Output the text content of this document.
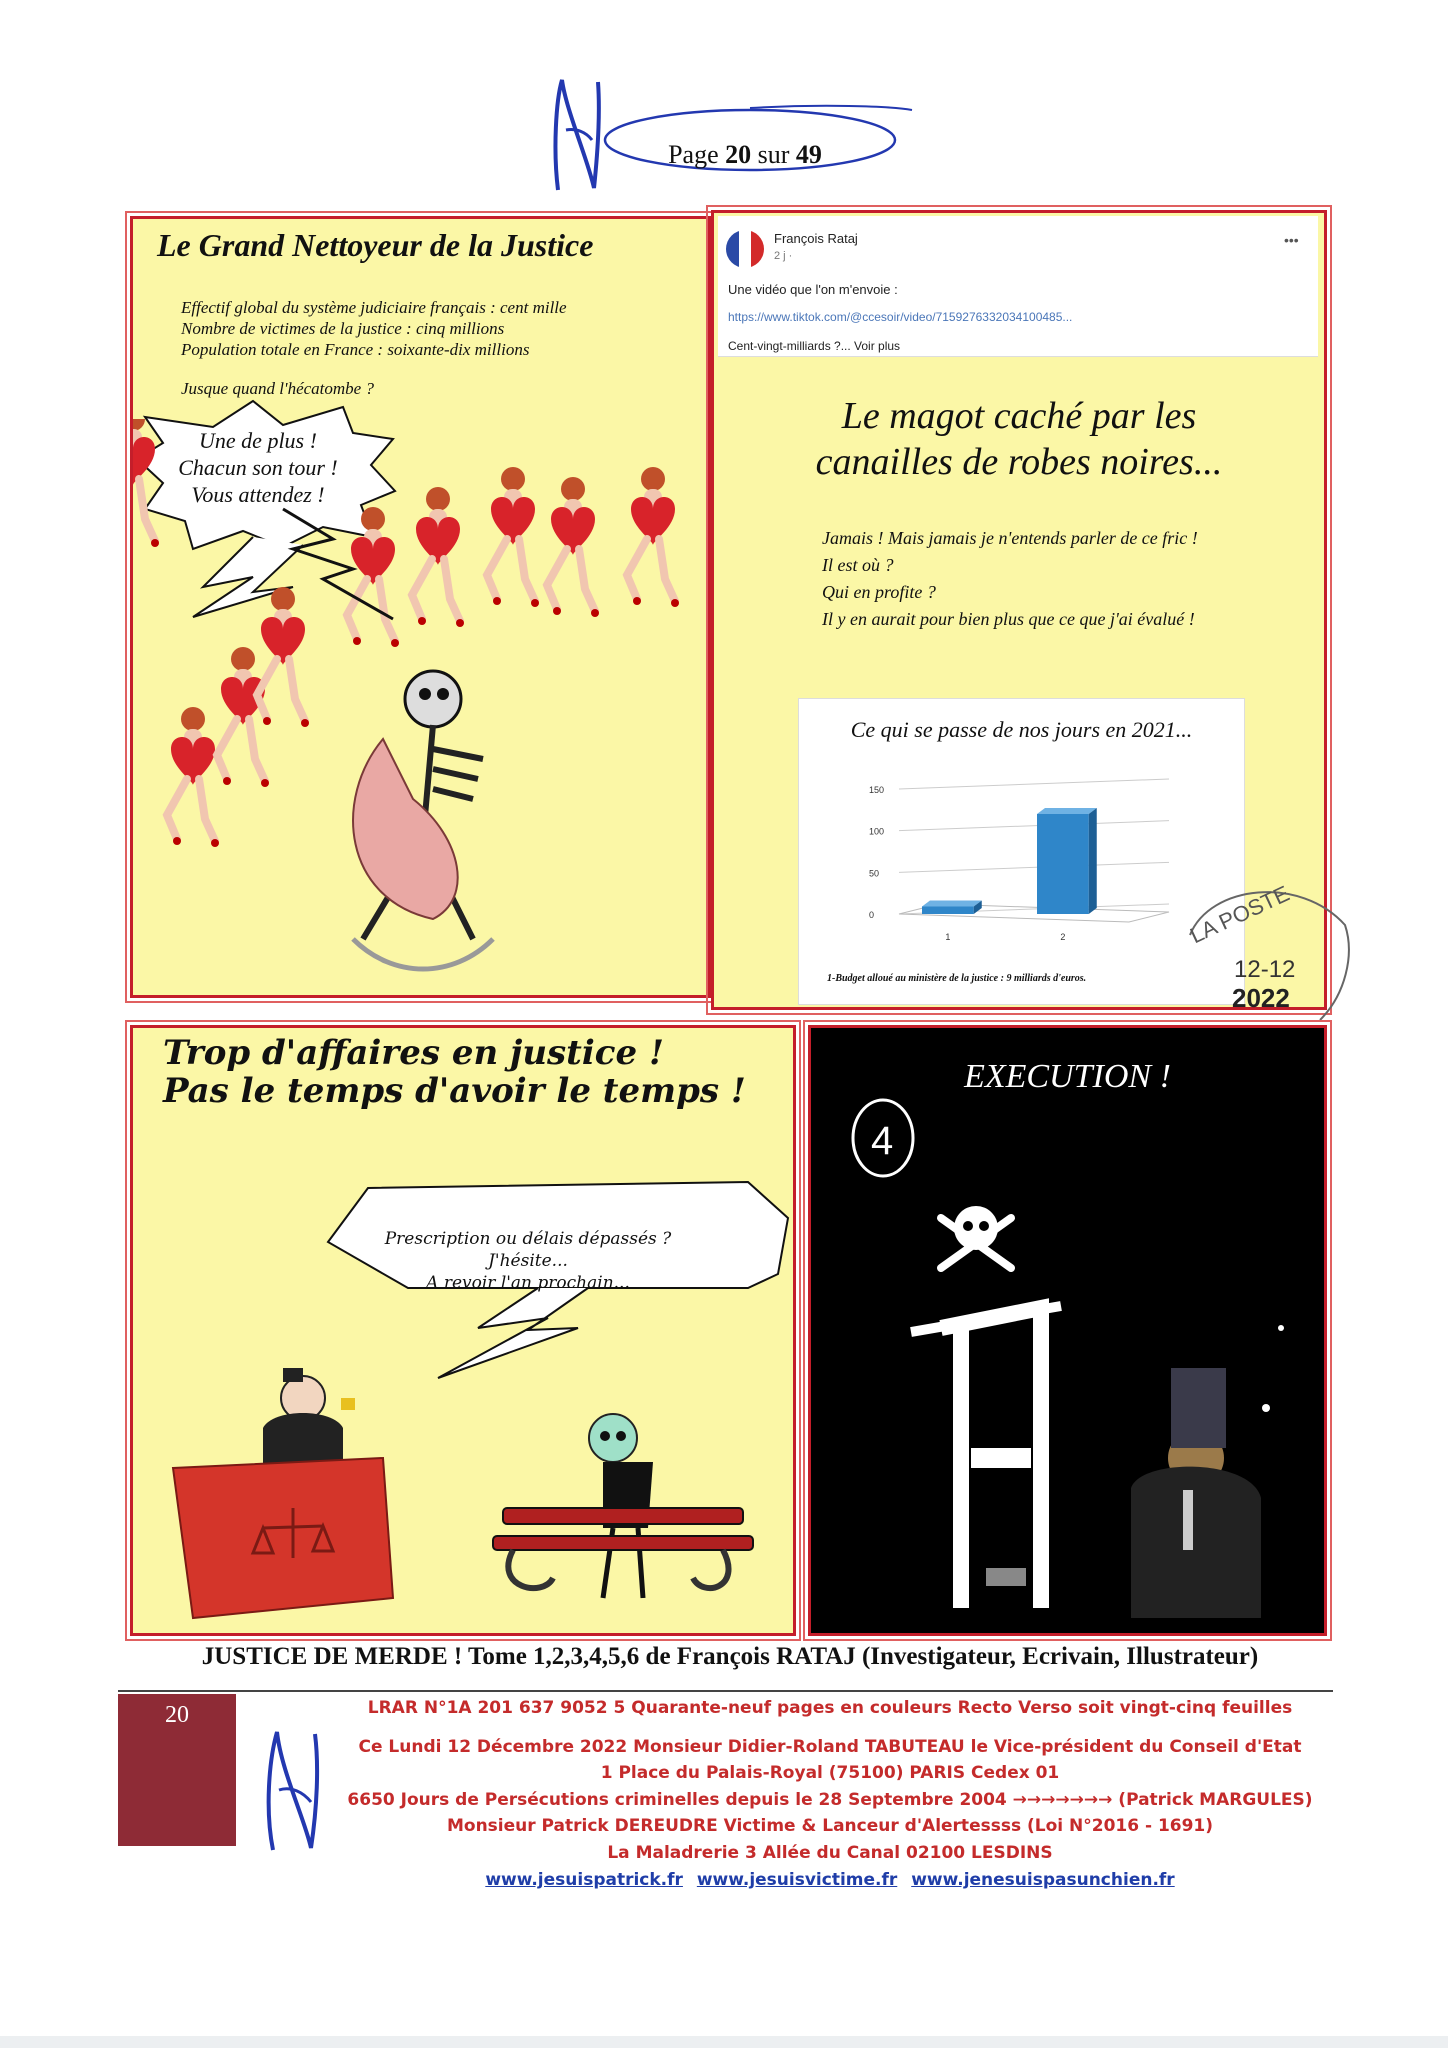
Page 20 sur 49
Le Grand Nettoyeur de la Justice
Effectif global du système judiciaire français : cent mille
Nombre de victimes de la justice : cinq millions
Population totale en France : soixante-dix millions
Jusque quand l'hécatombe ?
Une de plus !
Chacun son tour !
Vous attendez !
François Rataj
2 j ·
•••
Une vidéo que l'on m'envoie :
https://www.tiktok.com/@ccesoir/video/71592763320341004​85...
Cent-vingt-milliards ?... Voir plus
Le magot caché par les
canailles de robes noires...
Jamais ! Mais jamais je n'entends parler de ce fric !
Il est où ?
Qui en profite ?
Il y en aurait pour bien plus que ce que j'ai évalué !
Ce qui se passe de nos jours en 2021...
150
100
50
0
1	2
1-Budget alloué au ministère de la justice : 9 milliards d'euros.
LA POSTE
12-12
2022
Trop d'affaires en justice !
Pas le temps d'avoir le temps !
Prescription ou délais dépassés ?
J'hésite...
A revoir l'an prochain...
EXECUTION !
4
JUSTICE DE MERDE ! Tome 1,2,3,4,5,6 de François RATAJ (Investigateur, Ecrivain, Illustrateur)
20	LRAR N°1A 201 637 9052 5 Quarante-neuf pages en couleurs Recto Verso soit vingt-cinq feuilles
Ce Lundi 12 Décembre 2022 Monsieur Didier-Roland TABUTEAU le Vice-président du Conseil d'Etat
1 Place du Palais-Royal (75100) PARIS Cedex 01
6650 Jours de Persécutions criminelles depuis le 28 Septembre 2004 →→→→→→→ (Patrick MARGULES)
Monsieur Patrick DEREUDRE Victime & Lanceur d'Alertessss (Loi N°2016 - 1691)
La Maladrerie 3 Allée du Canal 02100 LESDINS
www.jesuispatrick.fr www.jesuisvictime.fr www.jenesuispasunchien.fr
